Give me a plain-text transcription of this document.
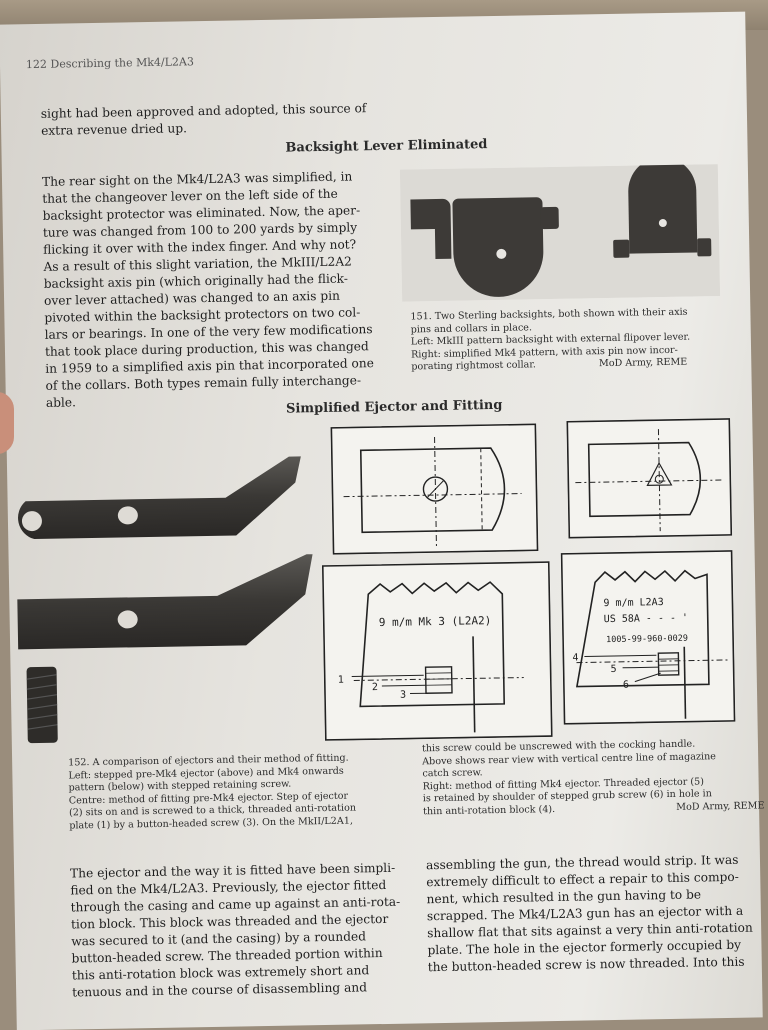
122 Describing the Mk4/L2A3
sight had been approved and adopted, this source of
extra revenue dried up.
Backsight Lever Eliminated
The rear sight on the Mk4/L2A3 was simplified, in
that the changeover lever on the left side of the
backsight protector was eliminated. Now, the aper-
ture was changed from 100 to 200 yards by simply
flicking it over with the index finger. And why not?
As a result of this slight variation, the MkIII/L2A2
backsight axis pin (which originally had the flick-
over lever attached) was changed to an axis pin
pivoted within the backsight protectors on two col-
lars or bearings. In one of the very few modifications
that took place during production, this was changed
in 1959 to a simplified axis pin that incorporated one
of the collars. Both types remain fully interchange-
able.
151. Two Sterling backsights, both shown with their axis
pins and collars in place.
Left: MkIII pattern backsight with external flipover lever.
Right: simplified Mk4 pattern, with axis pin now incor-
porating rightmost collar.	MoD Army, REME
Simplified Ejector and Fitting
9 m/m Mk 3 (L2A2)
1
2
3
9 m/m L2A3
US 58A - - - '
1005-99-960-0029
4
5
6
152. A comparison of ejectors and their method of fitting.
Left: stepped pre-Mk4 ejector (above) and Mk4 onwards
pattern (below) with stepped retaining screw.
Centre: method of fitting pre-Mk4 ejector. Step of ejector
(2) sits on and is screwed to a thick, threaded anti-rotation
plate (1) by a button-headed screw (3). On the MkII/L2A1,
this screw could be unscrewed with the cocking handle.
Above shows rear view with vertical centre line of magazine
catch screw.
Right: method of fitting Mk4 ejector. Threaded ejector (5)
is retained by shoulder of stepped grub screw (6) in hole in
thin anti-rotation block (4).	MoD Army, REME
The ejector and the way it is fitted have been simpli-
fied on the Mk4/L2A3. Previously, the ejector fitted
through the casing and came up against an anti-rota-
tion block. This block was threaded and the ejector
was secured to it (and the casing) by a rounded
button-headed screw. The threaded portion within
this anti-rotation block was extremely short and
tenuous and in the course of disassembling and
assembling the gun, the thread would strip. It was
extremely difficult to effect a repair to this compo-
nent, which resulted in the gun having to be
scrapped. The Mk4/L2A3 gun has an ejector with a
shallow flat that sits against a very thin anti-rotation
plate. The hole in the ejector formerly occupied by
the button-headed screw is now threaded. Into this
